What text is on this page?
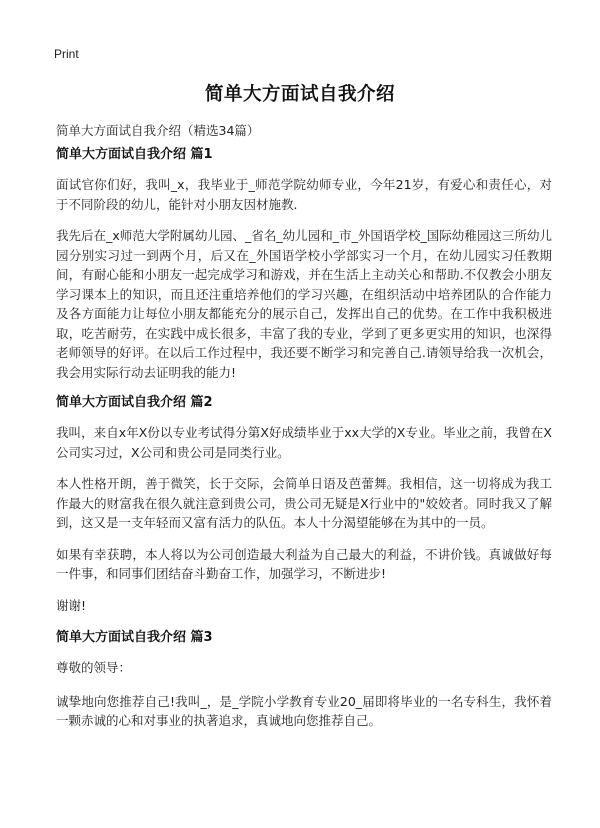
Print
简单大方面试自我介绍
简单大方面试自我介绍（精选34篇）
简单大方面试自我介绍 篇1

面试官你们好，我叫_x，我毕业于_师范学院幼师专业，今年21岁，有爱心和责任心，对于不同阶段的幼儿，能针对小朋友因材施教.

我先后在_x师范大学附属幼儿园、_省名_幼儿园和_市_外国语学校_国际幼稚园这三所幼儿园分别实习过一到两个月，后又在_外国语学校小学部实习一个月，在幼儿园实习任教期间，有耐心能和小朋友一起完成学习和游戏，并在生活上主动关心和帮助.不仅教会小朋友学习课本上的知识，而且还注重培养他们的学习兴趣，在组织活动中培养团队的合作能力及各方面能力让每位小朋友都能充分的展示自己，发挥出自己的优势。在工作中我积极进取，吃苦耐劳，在实践中成长很多，丰富了我的专业，学到了更多更实用的知识，也深得老师领导的好评。在以后工作过程中，我还要不断学习和完善自己.请领导给我一次机会，我会用实际行动去证明我的能力!

简单大方面试自我介绍 篇2

我叫，来自x年X份以专业考试得分第X好成绩毕业于xx大学的X专业。毕业之前，我曾在X公司实习过，X公司和贵公司是同类行业。

本人性格开朗，善于微笑，长于交际，会简单日语及芭蕾舞。我相信，这一切将成为我工作最大的财富我在很久就注意到贵公司，贵公司无疑是X行业中的"姣姣者。同时我又了解到，这又是一支年轻而又富有活力的队伍。本人十分渴望能够在为其中的一员。

如果有幸获聘，本人将以为公司创造最大利益为自己最大的利益，不讲价钱。真诚做好每一件事，和同事们团结奋斗勤奋工作，加强学习，不断进步!

谢谢!

简单大方面试自我介绍 篇3

尊敬的领导：

诚挚地向您推荐自己!我叫_，是_学院小学教育专业20_届即将毕业的一名专科生，我怀着一颗赤诚的心和对事业的执著追求，真诚地向您推荐自己。
